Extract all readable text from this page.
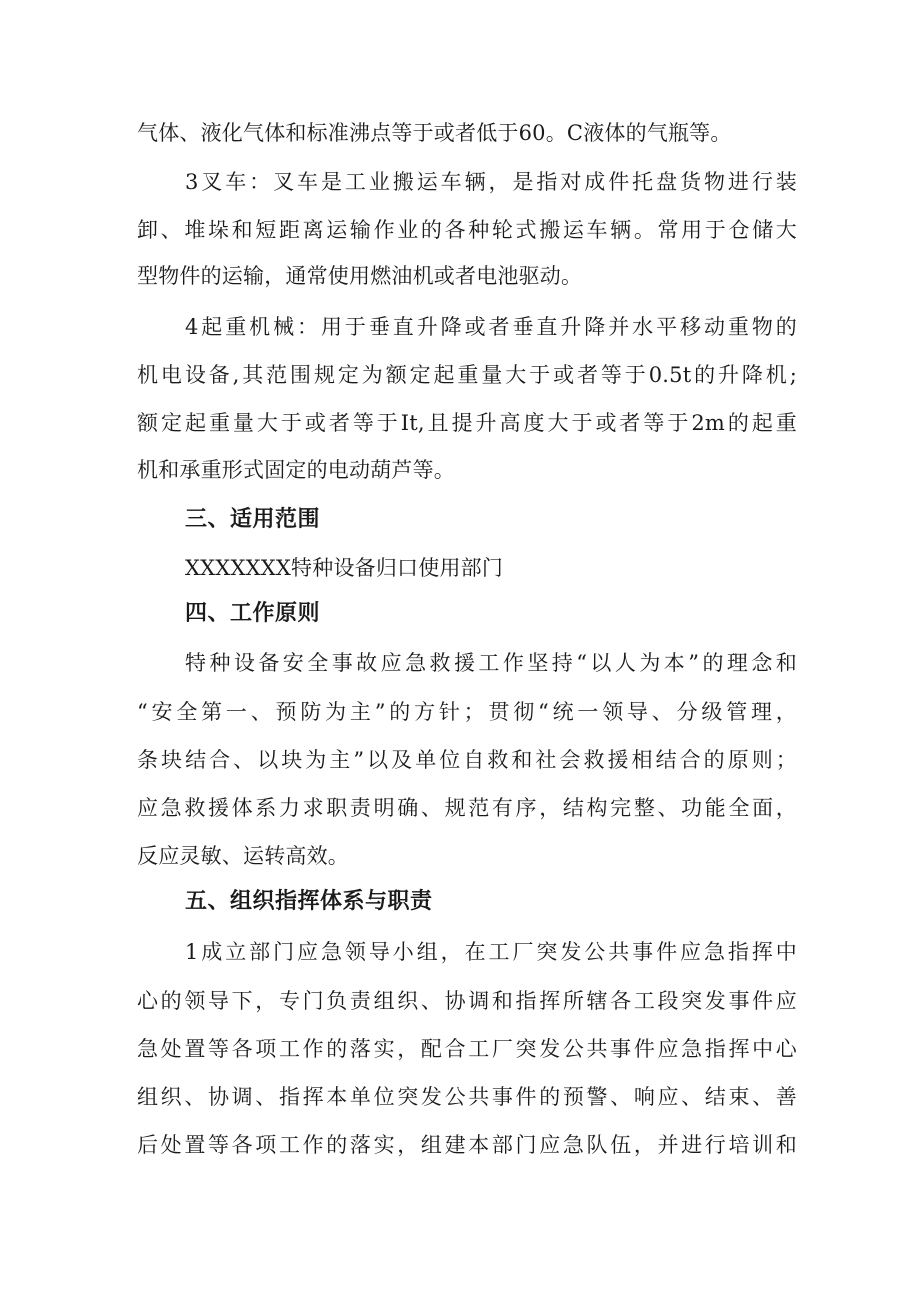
气体、液化气体和标准沸点等于或者低于60。C液体的气瓶等。
3叉车：叉车是工业搬运车辆，是指对成件托盘货物进行装
卸、堆垛和短距离运输作业的各种轮式搬运车辆。常用于仓储大
型物件的运输，通常使用燃油机或者电池驱动。
4起重机械：用于垂直升降或者垂直升降并水平移动重物的
机电设备,其范围规定为额定起重量大于或者等于0.5t的升降机;
额定起重量大于或者等于It,且提升高度大于或者等于2m的起重
机和承重形式固定的电动葫芦等。
三、适用范围
XXXXXXX特种设备归口使用部门
四、工作原则
特种设备安全事故应急救援工作坚持“以人为本”的理念和
“安全第一、预防为主”的方针；贯彻“统一领导、分级管理，
条块结合、以块为主”以及单位自救和社会救援相结合的原则；
应急救援体系力求职责明确、规范有序，结构完整、功能全面，
反应灵敏、运转高效。
五、组织指挥体系与职责
1成立部门应急领导小组，在工厂突发公共事件应急指挥中
心的领导下，专门负责组织、协调和指挥所辖各工段突发事件应
急处置等各项工作的落实，配合工厂突发公共事件应急指挥中心
组织、协调、指挥本单位突发公共事件的预警、响应、结束、善
后处置等各项工作的落实，组建本部门应急队伍，并进行培训和
